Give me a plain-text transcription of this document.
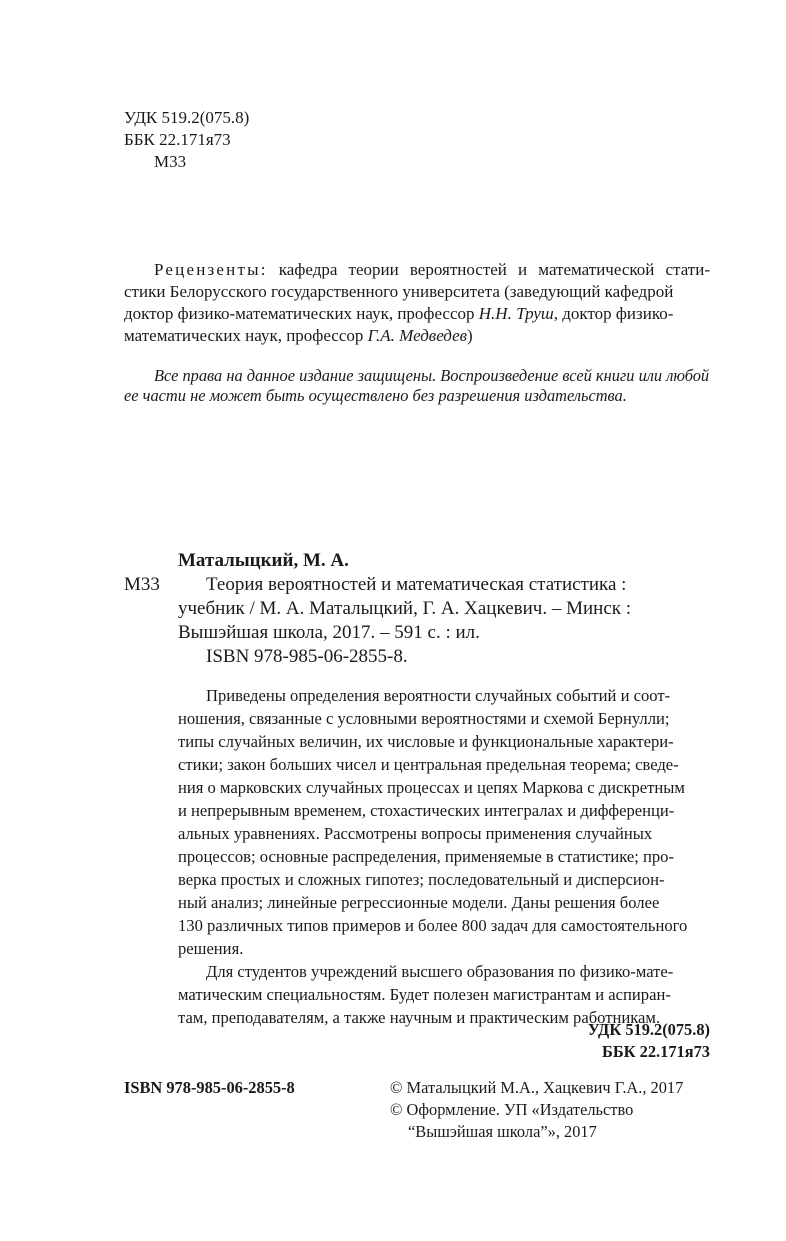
УДК 519.2(075.8)
ББК 22.171я73
М33
Рецензенты: кафедра теории вероятностей и математической стати-
стики Белорусского государственного университета (заведующий кафедрой
доктор физико-математических наук, профессор Н.Н. Труш, доктор физико-
математических наук, профессор Г.А. Медведев)
Все права на данное издание защищены. Воспроизведение всей книги или любой
ее части не может быть осуществлено без разрешения издательства.
Маталыцкий, М. А.
М33 Теория вероятностей и математическая статистика :
учебник / М. А. Маталыцкий, Г. А. Хацкевич. – Минск :
Вышэйшая школа, 2017. – 591 с. : ил.
ISBN 978-985-06-2855-8.
Приведены определения вероятности случайных событий и соот-
ношения, связанные с условными вероятностями и схемой Бернулли;
типы случайных величин, их числовые и функциональные характери-
стики; закон больших чисел и центральная предельная теорема; сведе-
ния о марковских случайных процессах и цепях Маркова с дискретным
и непрерывным временем, стохастических интегралах и дифференци-
альных уравнениях. Рассмотрены вопросы применения случайных
процессов; основные распределения, применяемые в статистике; про-
верка простых и сложных гипотез; последовательный и дисперсион-
ный анализ; линейные регрессионные модели. Даны решения более
130 различных типов примеров и более 800 задач для самостоятельного
решения.
Для студентов учреждений высшего образования по физико-мате-
матическим специальностям. Будет полезен магистрантам и аспиран-
там, преподавателям, а также научным и практическим работникам.
УДК 519.2(075.8)
ББК 22.171я73
ISBN 978-985-06-2855-8	© Маталыцкий М.А., Хацкевич Г.А., 2017
© Оформление. УП «Издательство
“Вышэйшая школа”», 2017
